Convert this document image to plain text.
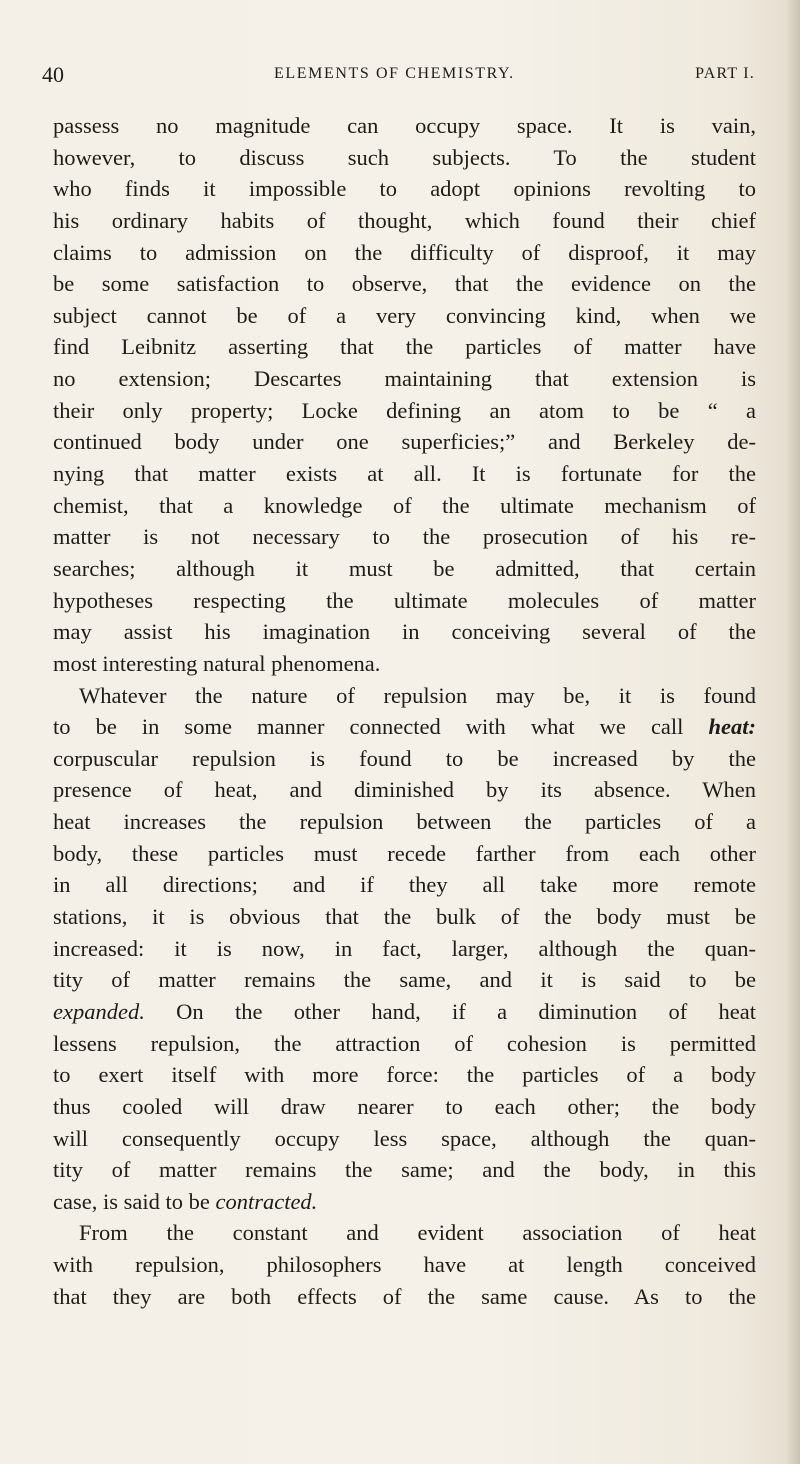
40	ELEMENTS OF CHEMISTRY.	PART I.
passess no magnitude can occupy space. It is vain,
however, to discuss such subjects. To the student
who finds it impossible to adopt opinions revolting to
his ordinary habits of thought, which found their chief
claims to admission on the difficulty of disproof, it may
be some satisfaction to observe, that the evidence on the
subject cannot be of a very convincing kind, when we
find Leibnitz asserting that the particles of matter have
no extension; Descartes maintaining that extension is
their only property; Locke defining an atom to be “ a
continued body under one superficies;” and Berkeley de-
nying that matter exists at all. It is fortunate for the
chemist, that a knowledge of the ultimate mechanism of
matter is not necessary to the prosecution of his re-
searches; although it must be admitted, that certain
hypotheses respecting the ultimate molecules of matter
may assist his imagination in conceiving several of the
most interesting natural phenomena.
Whatever the nature of repulsion may be, it is found
to be in some manner connected with what we call heat:
corpuscular repulsion is found to be increased by the
presence of heat, and diminished by its absence. When
heat increases the repulsion between the particles of a
body, these particles must recede farther from each other
in all directions; and if they all take more remote
stations, it is obvious that the bulk of the body must be
increased: it is now, in fact, larger, although the quan-
tity of matter remains the same, and it is said to be
expanded. On the other hand, if a diminution of heat
lessens repulsion, the attraction of cohesion is permitted
to exert itself with more force: the particles of a body
thus cooled will draw nearer to each other; the body
will consequently occupy less space, although the quan-
tity of matter remains the same; and the body, in this
case, is said to be contracted.
From the constant and evident association of heat
with repulsion, philosophers have at length conceived
that they are both effects of the same cause. As to the
